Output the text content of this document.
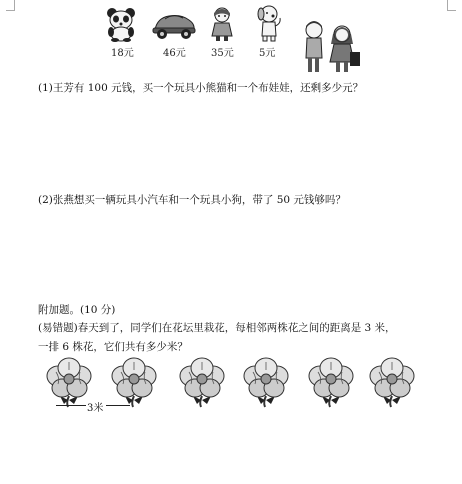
18元	46元	35元	5元
(1)王芳有 100 元钱，买一个玩具小熊猫和一个布娃娃，还剩多少元？
(2)张燕想买一辆玩具小汽车和一个玩具小狗，带了 50 元钱够吗？
附加题。(10 分)
(易错题)春天到了，同学们在花坛里栽花，每相邻两株花之间的距离是 3 米，
一排 6 株花，它们共有多少米？
3米
